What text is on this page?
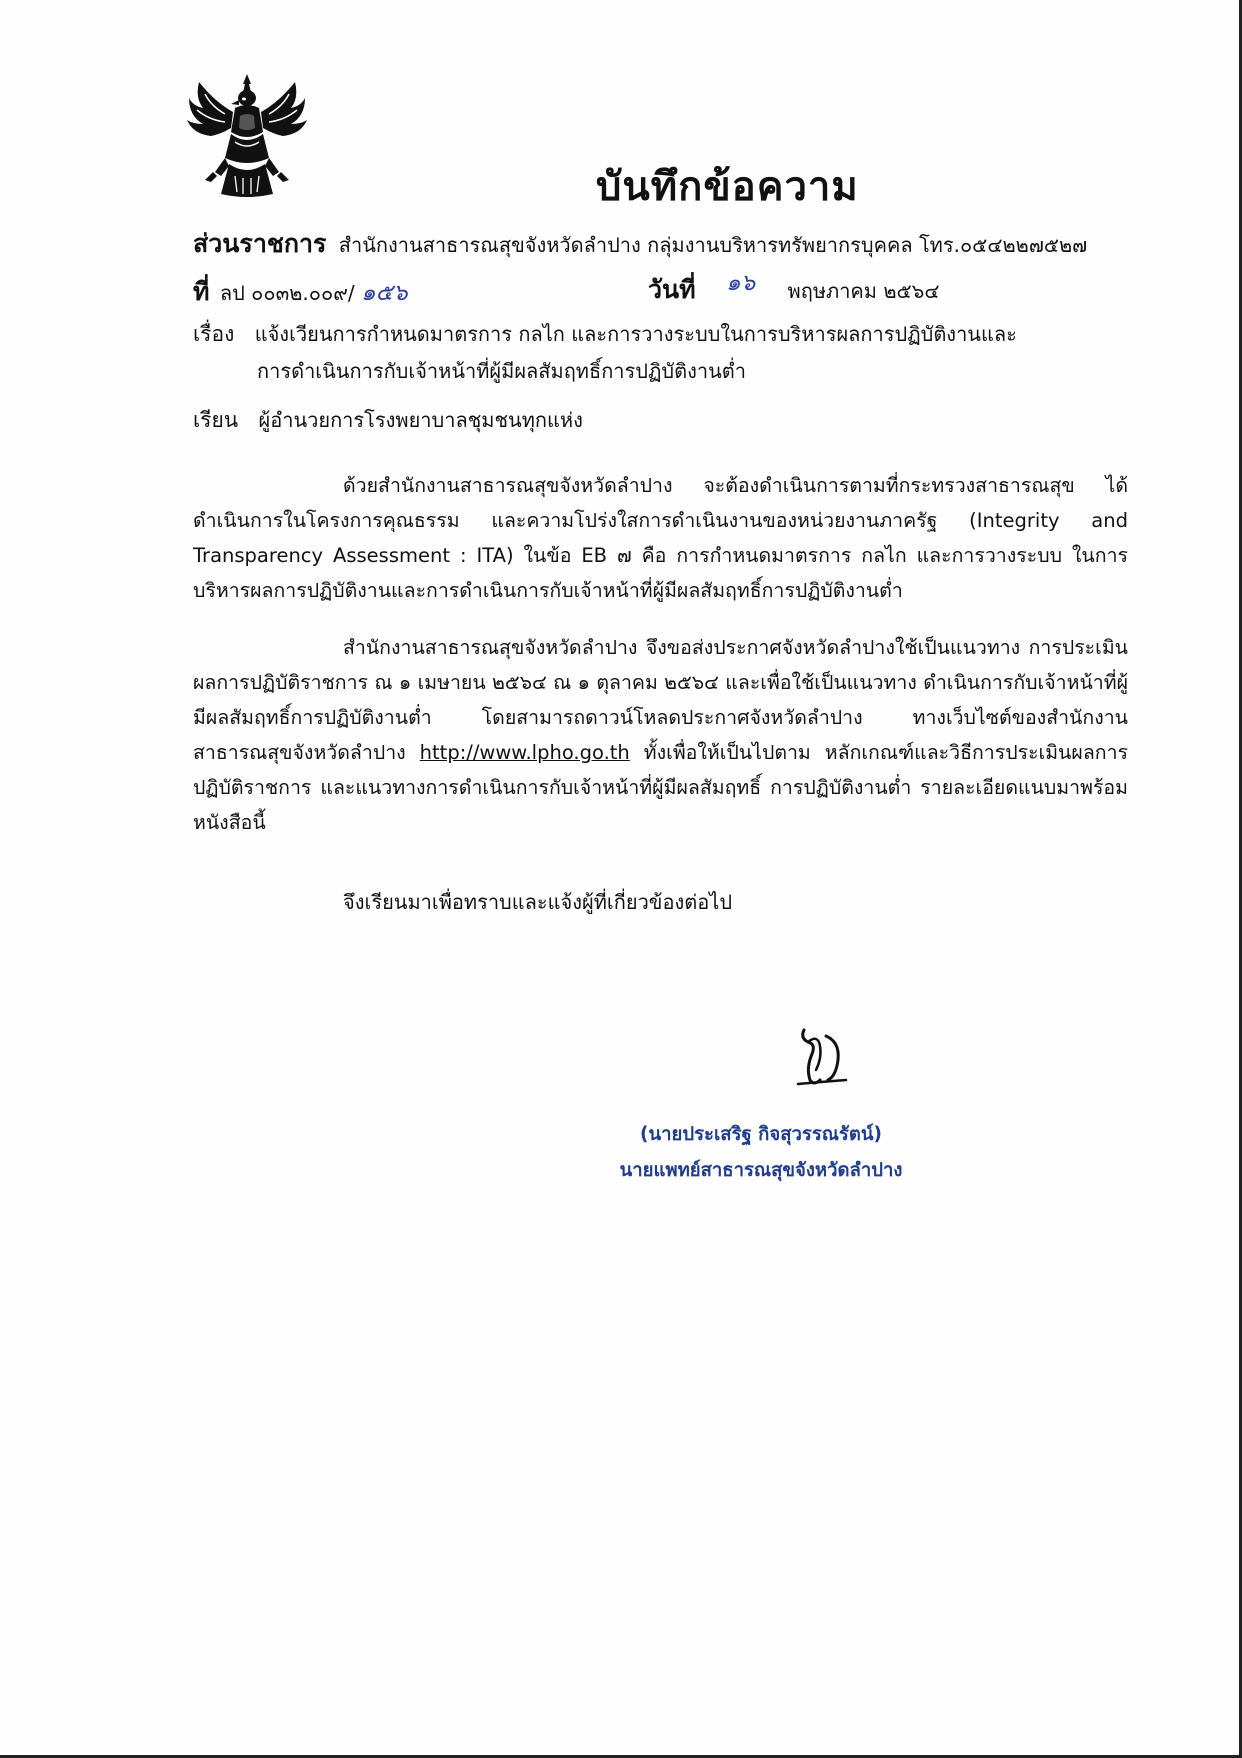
บันทึกข้อความ
ส่วนราชการ สำนักงานสาธารณสุขจังหวัดลำปาง กลุ่มงานบริหารทรัพยากรบุคคล โทร.๐๕๔๒๒๗๕๒๗
ที่ ลป ๐๐๓๒.๐๐๙/ ๑๕๖	วันที่ ๑๖ พฤษภาคม ๒๕๖๔
เรื่อง แจ้งเวียนการกำหนดมาตรการ กลไก และการวางระบบในการบริหารผลการปฏิบัติงานและ
การดำเนินการกับเจ้าหน้าที่ผู้มีผลสัมฤทธิ์การปฏิบัติงานต่ำ
เรียน ผู้อำนวยการโรงพยาบาลชุมชนทุกแห่ง
ด้วยสำนักงานสาธารณสุขจังหวัดลำปาง จะต้องดำเนินการตามที่กระทรวงสาธารณสุข ได้ดำเนินการในโครงการคุณธรรม และความโปร่งใสการดำเนินงานของหน่วยงานภาครัฐ (Integrity and Transparency Assessment : ITA) ในข้อ EB ๗ คือ การกำหนดมาตรการ กลไก และการวางระบบ ในการบริหารผลการปฏิบัติงานและการดำเนินการกับเจ้าหน้าที่ผู้มีผลสัมฤทธิ์การปฏิบัติงานต่ำ
สำนักงานสาธารณสุขจังหวัดลำปาง จึงขอส่งประกาศจังหวัดลำปางใช้เป็นแนวทาง การประเมินผลการปฏิบัติราชการ ณ ๑ เมษายน ๒๕๖๔ ณ ๑ ตุลาคม ๒๕๖๔ และเพื่อใช้เป็นแนวทาง ดำเนินการกับเจ้าหน้าที่ผู้มีผลสัมฤทธิ์การปฏิบัติงานต่ำ โดยสามารถดาวน์โหลดประกาศจังหวัดลำปาง ทางเว็บไซต์ของสำนักงานสาธารณสุขจังหวัดลำปาง http://www.lpho.go.th ทั้งเพื่อให้เป็นไปตาม หลักเกณฑ์และวิธีการประเมินผลการปฏิบัติราชการ และแนวทางการดำเนินการกับเจ้าหน้าที่ผู้มีผลสัมฤทธิ์ การปฏิบัติงานต่ำ รายละเอียดแนบมาพร้อมหนังสือนี้
จึงเรียนมาเพื่อทราบและแจ้งผู้ที่เกี่ยวข้องต่อไป
(นายประเสริฐ กิจสุวรรณรัตน์)
นายแพทย์สาธารณสุขจังหวัดลำปาง
